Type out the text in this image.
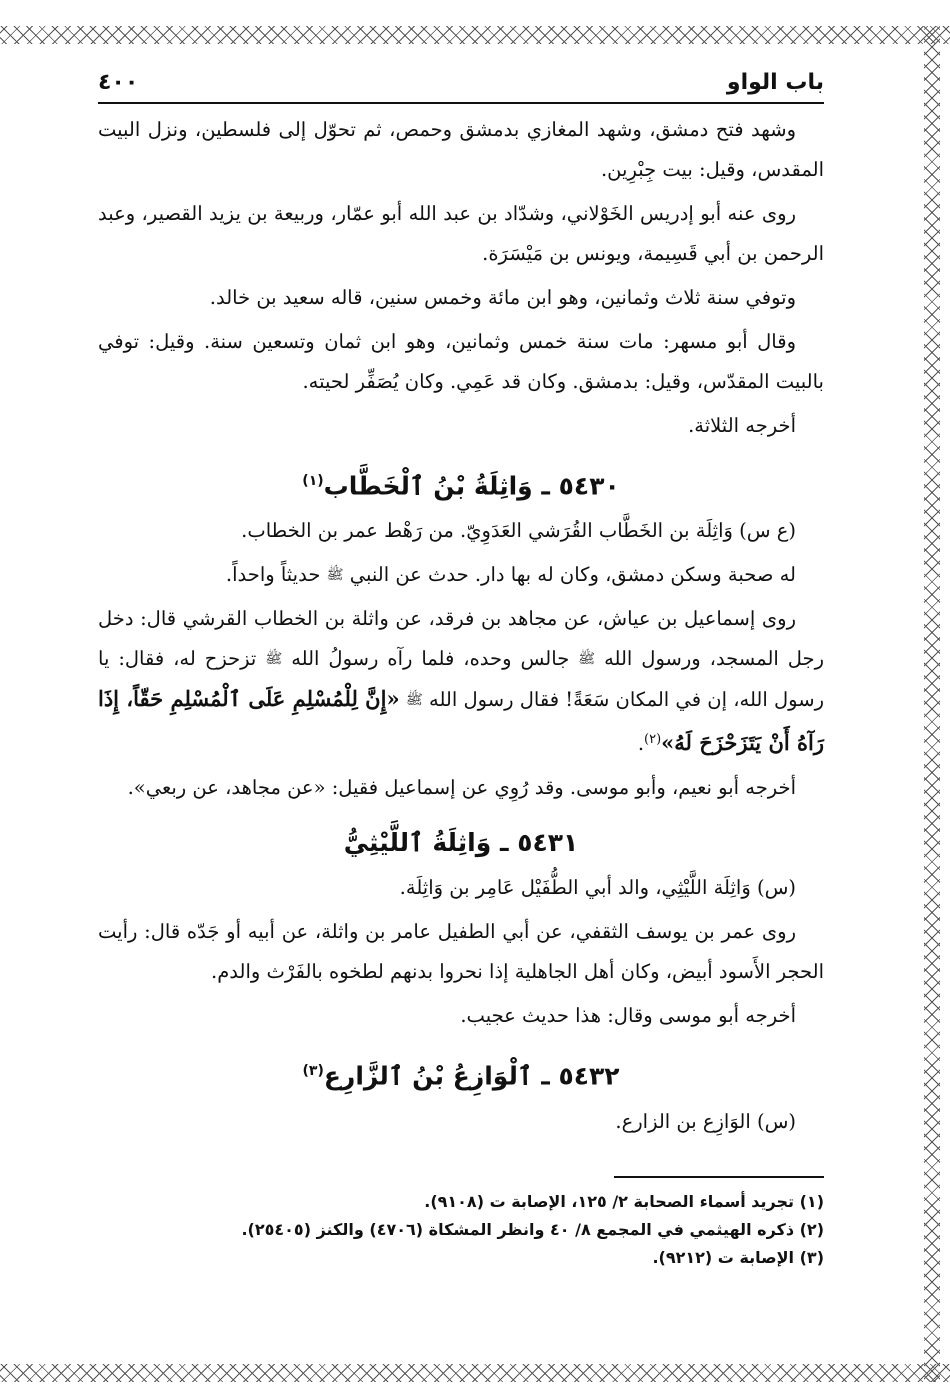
باب الواو
٤٠٠

وشهد فتح دمشق، وشهد المغازي بدمشق وحمص، ثم تحوّل إلى فلسطين، ونزل البيت المقدس، وقيل: بيت جِبْرِين.

روى عنه أبو إدريس الخَوْلاني، وشدّاد بن عبد الله أبو عمّار، وربيعة بن يزيد القصير، وعبد الرحمن بن أبي قَسِيمة، ويونس بن مَيْسَرَة.

وتوفي سنة ثلاث وثمانين، وهو ابن مائة وخمس سنين، قاله سعيد بن خالد.

وقال أبو مسهر: مات سنة خمس وثمانين، وهو ابن ثمان وتسعين سنة. وقيل: توفي بالبيت المقدّس، وقيل: بدمشق. وكان قد عَمِي. وكان يُصَفِّر لحيته.

أخرجه الثلاثة.

٥٤٣٠ ـ وَاثِلَةُ بْنُ ٱلْخَطَّاب$^{(١)}$

(ع س) وَاثِلَة بن الخَطَّاب القُرَشي العَدَوِيّ. من رَهْط عمر بن الخطاب.

له صحبة وسكن دمشق، وكان له بها دار. حدث عن النبي ﷺ حديثاً واحداً.

روى إسماعيل بن عياش، عن مجاهد بن فرقد، عن واثلة بن الخطاب القرشي قال: دخل رجل المسجد، ورسول الله ﷺ جالس وحده، فلما رآه رسولُ الله ﷺ تزحزح له، فقال: يا رسول الله، إن في المكان سَعَةً! فقال رسول الله ﷺ «إِنَّ لِلْمُسْلِمِ عَلَى ٱلْمُسْلِمِ حَقّاً، إِذَا رَآهُ أَنْ يَتَزَحْزَحَ لَهُ»$^{(٢)}$.

أخرجه أبو نعيم، وأبو موسى. وقد رُوِي عن إسماعيل فقيل: «عن مجاهد، عن ربعي».

٥٤٣١ ـ وَاثِلَةُ ٱللَّيْثِيُّ

(س) وَاثِلَة اللَّيْثِي، والد أبي الطُّفَيْل عَامِر بن وَاثِلَة.

روى عمر بن يوسف الثقفي، عن أبي الطفيل عامر بن واثلة، عن أبيه أو جَدّه قال: رأيت الحجر الأَسود أبيض، وكان أهل الجاهلية إذا نحروا بدنهم لطخوه بالفَرْث والدم.

أخرجه أبو موسى وقال: هذا حديث عجيب.

٥٤٣٢ ـ ٱلْوَازِعُ بْنُ ٱلزَّارِع$^{(٣)}$

(س) الوَازِع بن الزارع.

(١) تجريد أسماء الصحابة ٢/ ١٢٥، الإصابة ت (٩١٠٨).
(٢) ذكره الهيثمي في المجمع ٨/ ٤٠ وانظر المشكاة (٤٧٠٦) والكنز (٢٥٤٠٥).
(٣) الإصابة ت (٩٢١٢).
